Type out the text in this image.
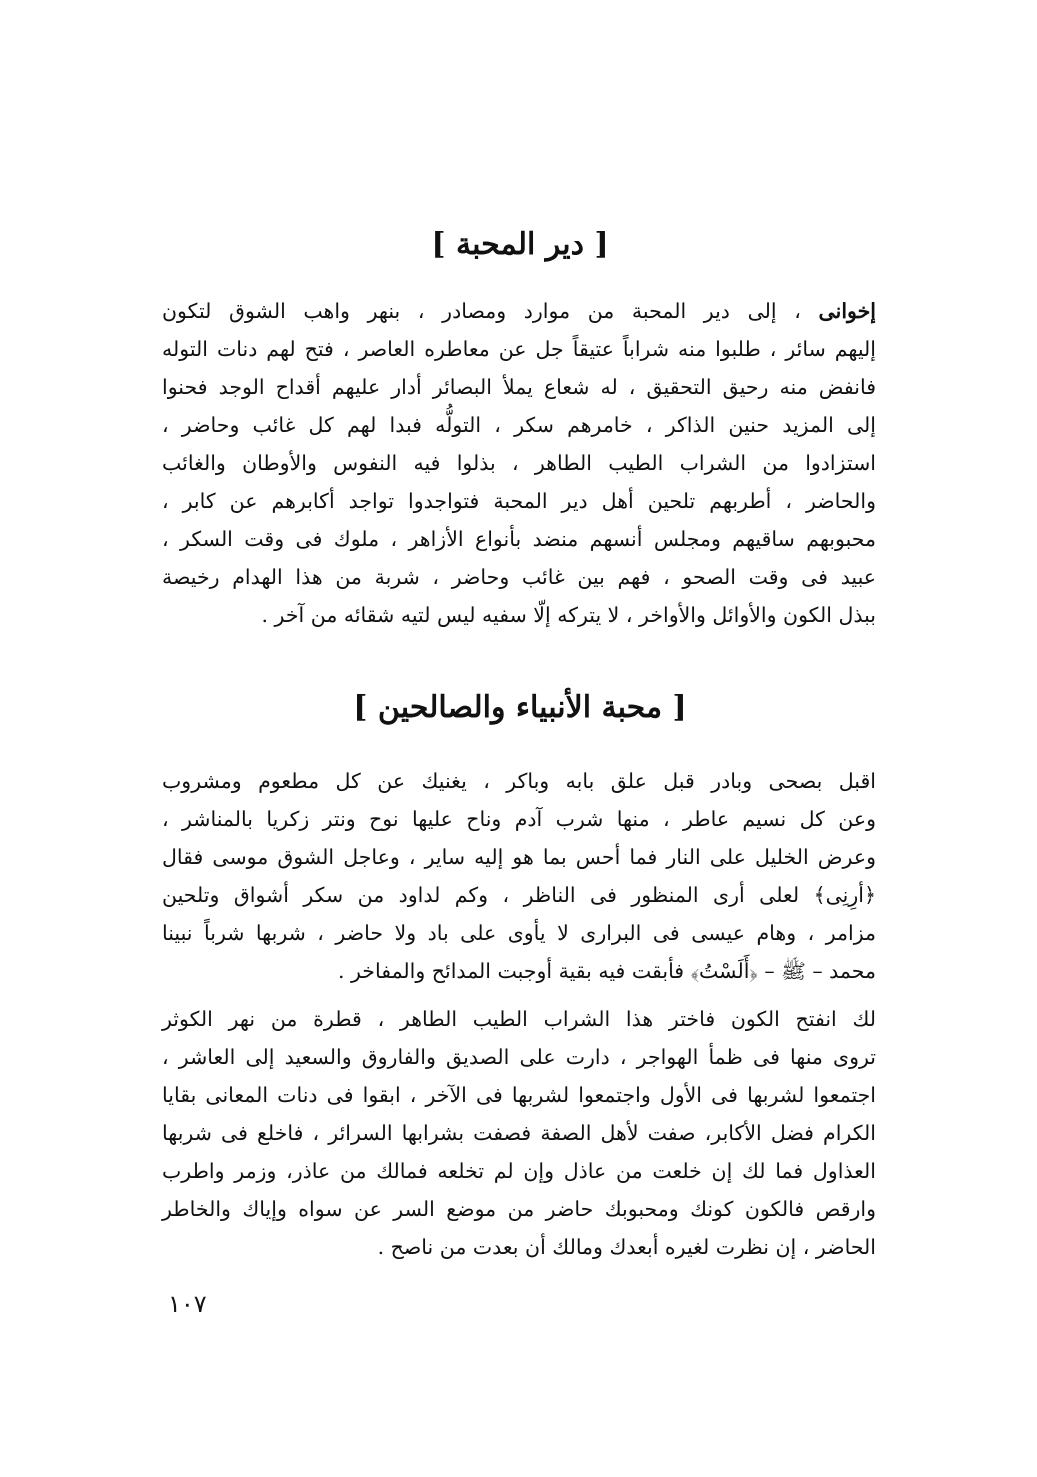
[ دير المحبة ]
إخوانى ، إلى دير المحبة من موارد ومصادر ، بنهر واهب الشوق لتكون
إليهم سائر ، طلبوا منه شراباً عتيقاً جل عن معاطره العاصر ، فتح لهم دنات التوله
فانفض منه رحيق التحقيق ، له شعاع يملأ البصائر أدار عليهم أقداح الوجد فحنوا
إلى المزيد حنين الذاكر ، خامرهم سكر ، التولُّه فبدا لهم كل غائب وحاضر ،
استزادوا من الشراب الطيب الطاهر ، بذلوا فيه النفوس والأوطان والغائب
والحاضر ، أطربهم تلحين أهل دير المحبة فتواجدوا تواجد أكابرهم عن كابر ،
محبوبهم ساقيهم ومجلس أنسهم منضد بأنواع الأزاهر ، ملوك فى وقت السكر ،
عبيد فى وقت الصحو ، فهم بين غائب وحاضر ، شربة من هذا الهدام رخيصة
ببذل الكون والأوائل والأواخر ، لا يتركه إلّا سفيه ليس لتيه شقائه من آخر .
[ محبة الأنبياء والصالحين ]
اقبل بصحى وبادر قبل علق بابه وباكر ، يغنيك عن كل مطعوم ومشروب
وعن كل نسيم عاطر ، منها شرب آدم وناح عليها نوح ونتر زكريا بالمناشر ،
وعرض الخليل على النار فما أحس بما هو إليه ساير ، وعاجل الشوق موسى فقال
﴿أرِنِى﴾ لعلى أرى المنظور فى الناظر ، وكم لداود من سكر أشواق وتلحين
مزامر ، وهام عيسى فى البرارى لا يأوى على باد ولا حاضر ، شربها شرباً نبينا
محمد – ﷺ – ﴿أَلَسْتُ﴾ فأبقت فيه بقية أوجبت المدائح والمفاخر .
لك انفتح الكون فاختر هذا الشراب الطيب الطاهر ، قطرة من نهر الكوثر
تروى منها فى ظمأ الهواجر ، دارت على الصديق والفاروق والسعيد إلى العاشر ،
اجتمعوا لشربها فى الأول واجتمعوا لشربها فى الآخر ، ابقوا فى دنات المعانى بقايا
الكرام فضل الأكابر، صفت لأهل الصفة فصفت بشرابها السرائر ، فاخلع فى شربها
العذاول فما لك إن خلعت من عاذل وإن لم تخلعه فمالك من عاذر، وزمر واطرب
وارقص فالكون كونك ومحبوبك حاضر من موضع السر عن سواه وإياك والخاطر
الحاضر ، إن نظرت لغيره أبعدك ومالك أن بعدت من ناصح .
١٠٧
